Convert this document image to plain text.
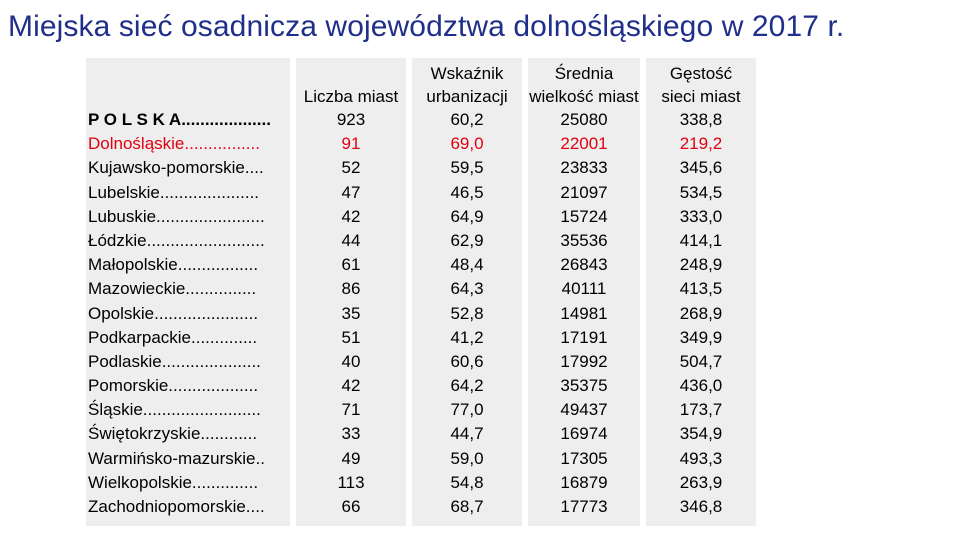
Miejska sieć osadnicza województwa dolnośląskiego w 2017 r.
P O L S K A...................
Dolnośląskie................
Kujawsko-pomorskie....
Lubelskie.....................
Lubuskie.......................
Łódzkie.........................
Małopolskie.................
Mazowieckie...............
Opolskie......................
Podkarpackie..............
Podlaskie.....................
Pomorskie...................
Śląskie.........................
Świętokrzyskie............
Warmińsko-mazurskie..
Wielkopolskie..............
Zachodniopomorskie....
Liczba miast
923
91
52
47
42
44
61
86
35
51
40
42
71
33
49
113
66
Wskaźnik
urbanizacji
60,2
69,0
59,5
46,5
64,9
62,9
48,4
64,3
52,8
41,2
60,6
64,2
77,0
44,7
59,0
54,8
68,7
Średnia
wielkość miast
25080
22001
23833
21097
15724
35536
26843
40111
14981
17191
17992
35375
49437
16974
17305
16879
17773
Gęstość
sieci miast
338,8
219,2
345,6
534,5
333,0
414,1
248,9
413,5
268,9
349,9
504,7
436,0
173,7
354,9
493,3
263,9
346,8
